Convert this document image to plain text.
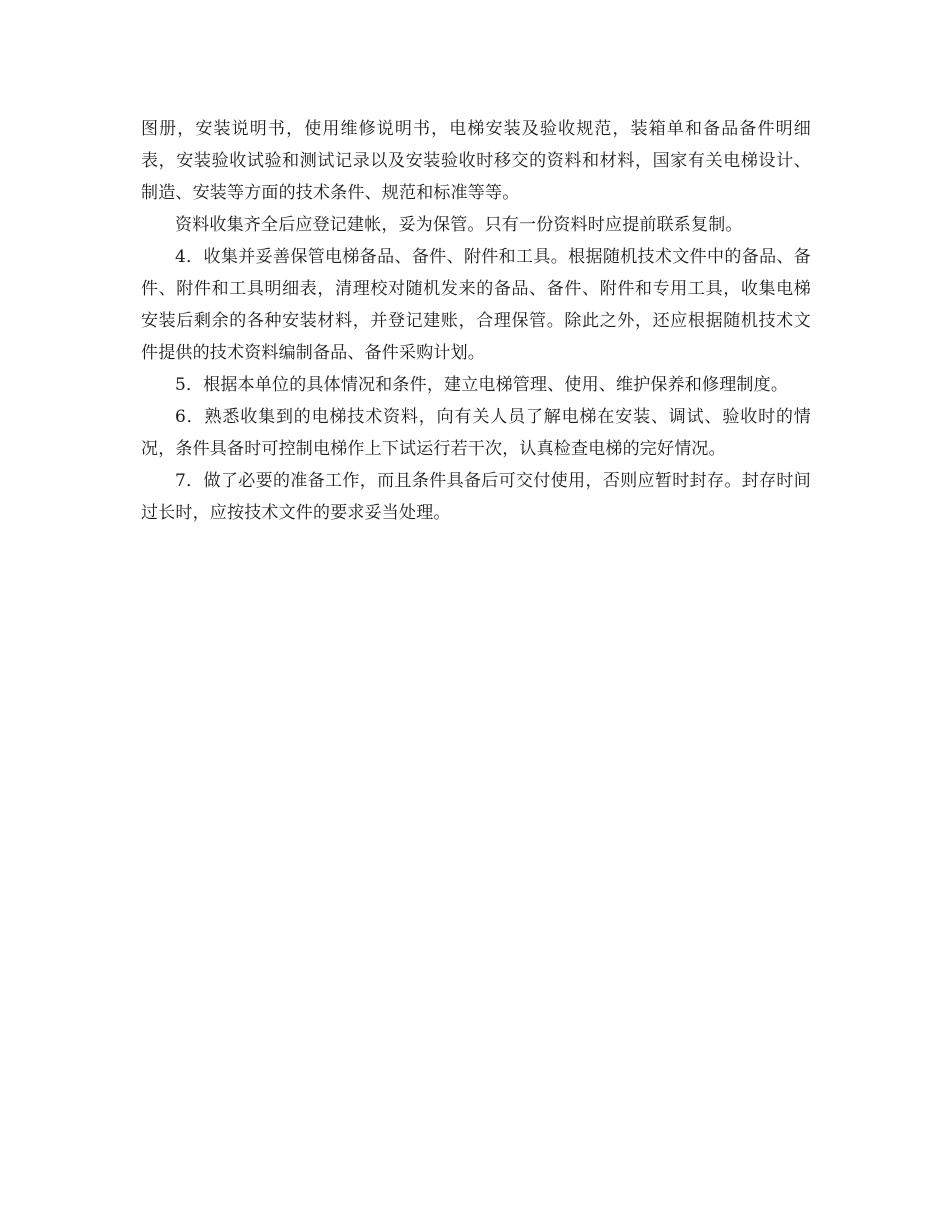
图册，安装说明书，使用维修说明书，电梯安装及验收规范，装箱单和备品备件明细表，安装验收试验和测试记录以及安装验收时移交的资料和材料，国家有关电梯设计、制造、安装等方面的技术条件、规范和标准等等。

资料收集齐全后应登记建帐，妥为保管。只有一份资料时应提前联系复制。

4．收集并妥善保管电梯备品、备件、附件和工具。根据随机技术文件中的备品、备件、附件和工具明细表，清理校对随机发来的备品、备件、附件和专用工具，收集电梯安装后剩余的各种安装材料，并登记建账，合理保管。除此之外，还应根据随机技术文件提供的技术资料编制备品、备件采购计划。

5．根据本单位的具体情况和条件，建立电梯管理、使用、维护保养和修理制度。

6．熟悉收集到的电梯技术资料，向有关人员了解电梯在安装、调试、验收时的情况，条件具备时可控制电梯作上下试运行若干次，认真检查电梯的完好情况。

7．做了必要的准备工作，而且条件具备后可交付使用，否则应暂时封存。封存时间过长时，应按技术文件的要求妥当处理。
